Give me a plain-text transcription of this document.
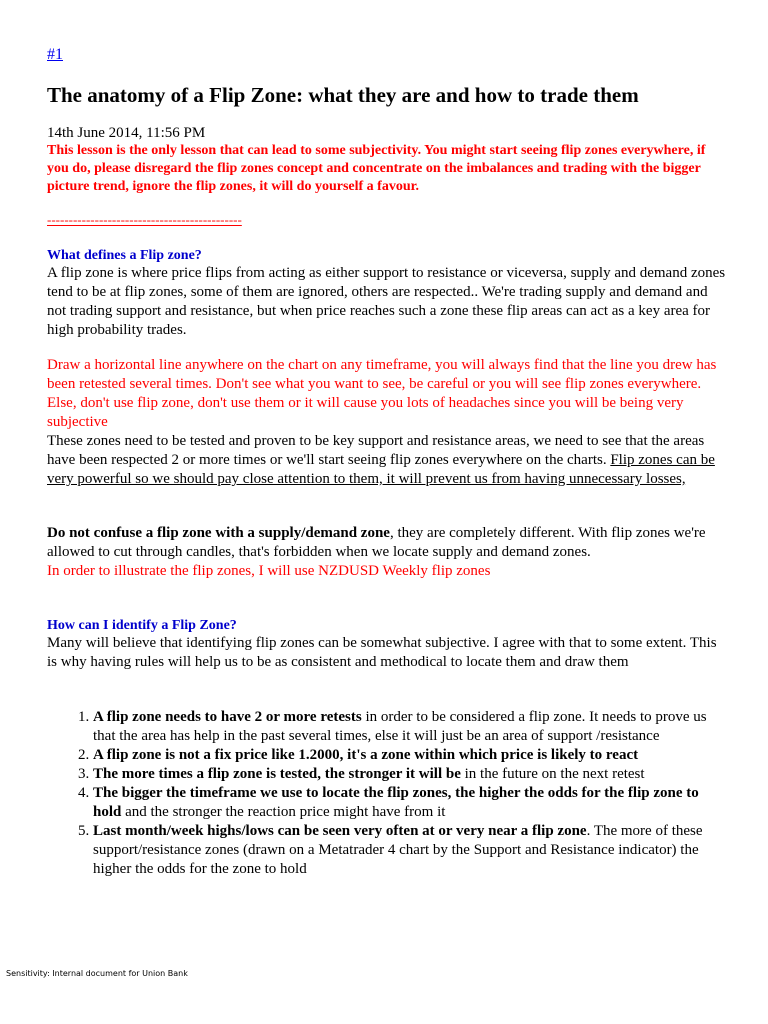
#1
The anatomy of a Flip Zone: what they are and how to trade them
14th June 2014, 11:56 PM
This lesson is the only lesson that can lead to some subjectivity. You might start seeing flip zones everywhere, if you do, please disregard the flip zones concept and concentrate on the imbalances and trading with the bigger picture trend, ignore the flip zones, it will do yourself a favour.
---------------------------------------------
What defines a Flip zone?
A flip zone is where price flips from acting as either support to resistance or viceversa, supply and demand zones tend to be at flip zones, some of them are ignored, others are respected.. We're trading supply and demand and not trading support and resistance, but when price reaches such a zone these flip areas can act as a key area for high probability trades.
Draw a horizontal line anywhere on the chart on any timeframe, you will always find that the line you drew has been retested several times. Don't see what you want to see, be careful or you will see flip zones everywhere. Else, don't use flip zone, don't use them or it will cause you lots of headaches since you will be being very subjective
These zones need to be tested and proven to be key support and resistance areas, we need to see that the areas have been respected 2 or more times or we'll start seeing flip zones everywhere on the charts. Flip zones can be very powerful so we should pay close attention to them, it will prevent us from having unnecessary losses,
Do not confuse a flip zone with a supply/demand zone, they are completely different. With flip zones we're allowed to cut through candles, that's forbidden when we locate supply and demand zones.
In order to illustrate the flip zones, I will use NZDUSD Weekly flip zones
How can I identify a Flip Zone?
Many will believe that identifying flip zones can be somewhat subjective. I agree with that to some extent. This is why having rules will help us to be as consistent and methodical to locate them and draw them
1. A flip zone needs to have 2 or more retests in order to be considered a flip zone. It needs to prove us that the area has help in the past several times, else it will just be an area of support /resistance
2. A flip zone is not a fix price like 1.2000, it's a zone within which price is likely to react
3. The more times a flip zone is tested, the stronger it will be in the future on the next retest
4. The bigger the timeframe we use to locate the flip zones, the higher the odds for the flip zone to hold and the stronger the reaction price might have from it
5. Last month/week highs/lows can be seen very often at or very near a flip zone. The more of these support/resistance zones (drawn on a Metatrader 4 chart by the Support and Resistance indicator) the higher the odds for the zone to hold
Sensitivity: Internal document for Union Bank
